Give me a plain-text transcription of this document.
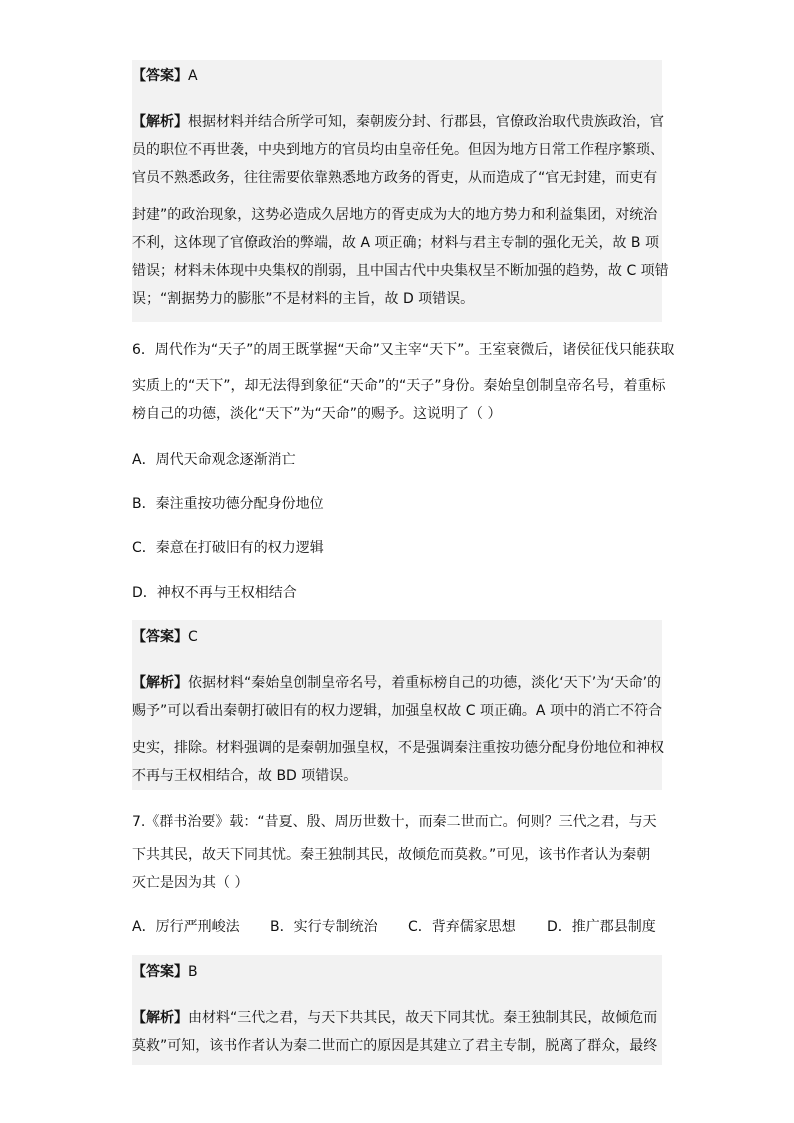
【答案】A
【解析】根据材料并结合所学可知，秦朝废分封、行郡县，官僚政治取代贵族政治，官
员的职位不再世袭，中央到地方的官员均由皇帝任免。但因为地方日常工作程序繁琐、
官员不熟悉政务，往往需要依靠熟悉地方政务的胥吏，从而造成了“官无封建，而吏有
封建”的政治现象，这势必造成久居地方的胥吏成为大的地方势力和利益集团，对统治
不利，这体现了官僚政治的弊端，故 A 项正确；材料与君主专制的强化无关，故 B 项
错误；材料未体现中央集权的削弱，且中国古代中央集权呈不断加强的趋势，故 C 项错
误；“割据势力的膨胀”不是材料的主旨，故 D 项错误。
6．周代作为“天子”的周王既掌握“天命”又主宰“天下”。王室衰微后，诸侯征伐只能获取
实质上的“天下”，却无法得到象征“天命”的“天子”身份。秦始皇创制皇帝名号，着重标
榜自己的功德，淡化“天下”为“天命”的赐予。这说明了（ ）
A．周代天命观念逐渐消亡
B．秦注重按功德分配身份地位
C．秦意在打破旧有的权力逻辑
D．神权不再与王权相结合
【答案】C
【解析】依据材料“秦始皇创制皇帝名号，着重标榜自己的功德，淡化‘天下’为‘天命’的
赐予”可以看出秦朝打破旧有的权力逻辑，加强皇权故 C 项正确。A 项中的消亡不符合
史实，排除。材料强调的是秦朝加强皇权，不是强调秦注重按功德分配身份地位和神权
不再与王权相结合，故 BD 项错误。
7.《群书治要》载：“昔夏、殷、周历世数十，而秦二世而亡。何则？三代之君，与天
下共其民，故天下同其忧。秦王独制其民，故倾危而莫救。”可见，该书作者认为秦朝
灭亡是因为其（ ）
A．厉行严刑峻法 B．实行专制统治 C．背弃儒家思想 D．推广郡县制度
【答案】B
【解析】由材料“三代之君，与天下共其民，故天下同其忧。秦王独制其民，故倾危而
莫救”可知，该书作者认为秦二世而亡的原因是其建立了君主专制，脱离了群众，最终
